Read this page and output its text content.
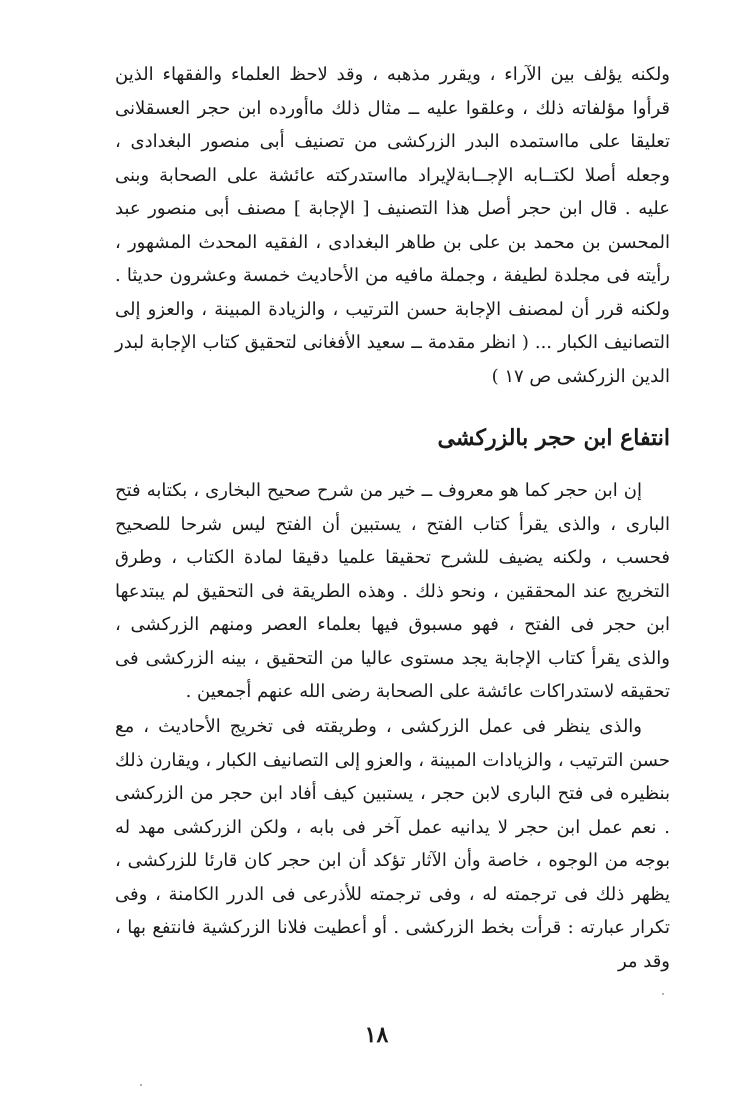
ولكنه يؤلف بين الآراء ، ويقرر مذهبه ، وقد لاحظ العلماء والفقهاء الذين قرأوا مؤلفاته ذلك ، وعلقوا عليه ــ مثال ذلك ماأورده ابن حجر العسقلانى تعليقا على مااستمده البدر الزركشى من تصنيف أبى منصور البغدادى ، وجعله أصلا لكتــابه الإجــابةلإيراد مااستدركته عائشة على الصحابة وبنى عليه . قال ابن حجر أصل هذا التصنيف [ الإجابة ] مصنف أبى منصور عبد المحسن بن محمد بن على بن طاهر البغدادى ، الفقيه المحدث المشهور ، رأيته فى مجلدة لطيفة ، وجملة مافيه من الأحاديث خمسة وعشرون حديثا . ولكنه قرر أن لمصنف الإجابة حسن الترتيب ، والزيادة المبينة ، والعزو إلى التصانيف الكبار ... ( انظر مقدمة ــ سعيد الأفغانى لتحقيق كتاب الإجابة لبدر الدين الزركشى ص ١٧ )

انتفاع ابن حجر بالزركشى

إن ابن حجر كما هو معروف ــ خير من شرح صحيح البخارى ، بكتابه فتح البارى ، والذى يقرأ كتاب الفتح ، يستبين أن الفتح ليس شرحا للصحيح فحسب ، ولكنه يضيف للشرح تحقيقا علميا دقيقا لمادة الكتاب ، وطرق التخريج عند المحققين ، ونحو ذلك . وهذه الطريقة فى التحقيق لم يبتدعها ابن حجر فى الفتح ، فهو مسبوق فيها بعلماء العصر ومنهم الزركشى ، والذى يقرأ كتاب الإجابة يجد مستوى عاليا من التحقيق ، بينه الزركشى فى تحقيقه لاستدراكات عائشة على الصحابة رضى الله عنهم أجمعين .

والذى ينظر فى عمل الزركشى ، وطريقته فى تخريج الأحاديث ، مع حسن الترتيب ، والزيادات المبينة ، والعزو إلى التصانيف الكبار ، ويقارن ذلك بنظيره فى فتح البارى لابن حجر ، يستبين كيف أفاد ابن حجر من الزركشى . نعم عمل ابن حجر لا يدانيه عمل آخر فى بابه ، ولكن الزركشى مهد له بوجه من الوجوه ، خاصة وأن الآثار تؤكد أن ابن حجر كان قارئا للزركشى ، يظهر ذلك فى ترجمته له ، وفى ترجمته للأذرعى فى الدرر الكامنة ، وفى تكرار عبارته : قرأت بخط الزركشى . أو أعطيت فلانا الزركشية فانتفع بها ، وقد مر

١٨
